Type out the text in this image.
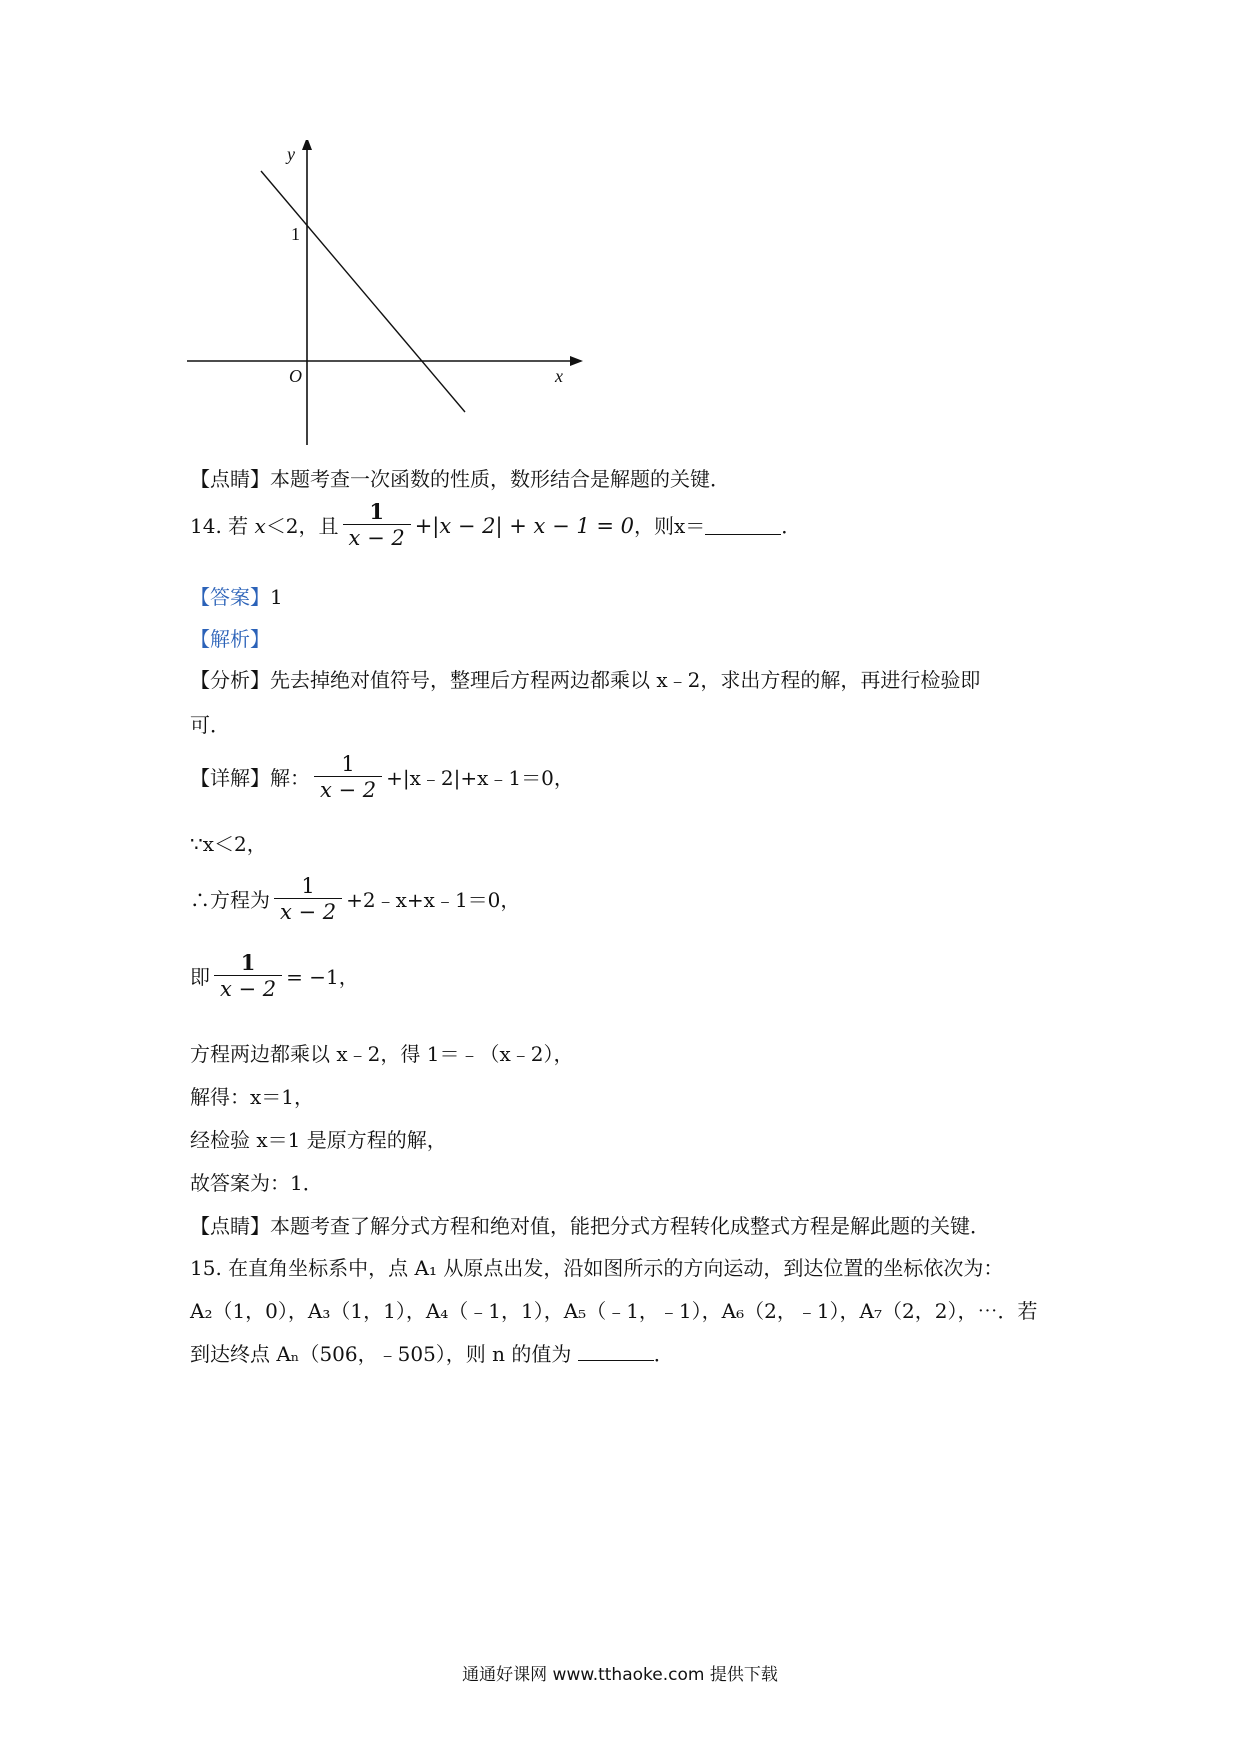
y
x
O
1
【点睛】本题考查一次函数的性质，数形结合是解题的关键．
14.
若
x ＜2，且 $\frac{1}{x - 2} +|x - 2| + x - 1 = 0$ ，则 x＝	．
【答案】1
【解析】
【分析】先去掉绝对值符号，整理后方程两边都乘以 x﹣2，求出方程的解，再进行检验即
可．
【详解】解： $\frac{1}{x - 2}$ +|x﹣2|+x﹣1＝0，
∵x＜2，
∴方程为 $\frac{1}{x - 2}$ +2﹣x+x﹣1＝0，
即 $\frac{1}{x - 2} = -1$，
方程两边都乘以 x﹣2，得 1＝﹣（x﹣2），
解得：x＝1，
经检验 x＝1 是原方程的解，
故答案为：1．
【点睛】本题考查了解分式方程和绝对值，能把分式方程转化成整式方程是解此题的关键．
15. 在直角坐标系中，点 A₁ 从原点出发，沿如图所示的方向运动，到达位置的坐标依次为：
A₂（1，0），A₃（1，1），A₄（﹣1，1），A₅（﹣1，﹣1），A₆（2，﹣1），A₇（2，2），⋯．若
到达终点 Aₙ（506，﹣505），则 n 的值为	．
通通好课网 www.tthaoke.com 提供下载
